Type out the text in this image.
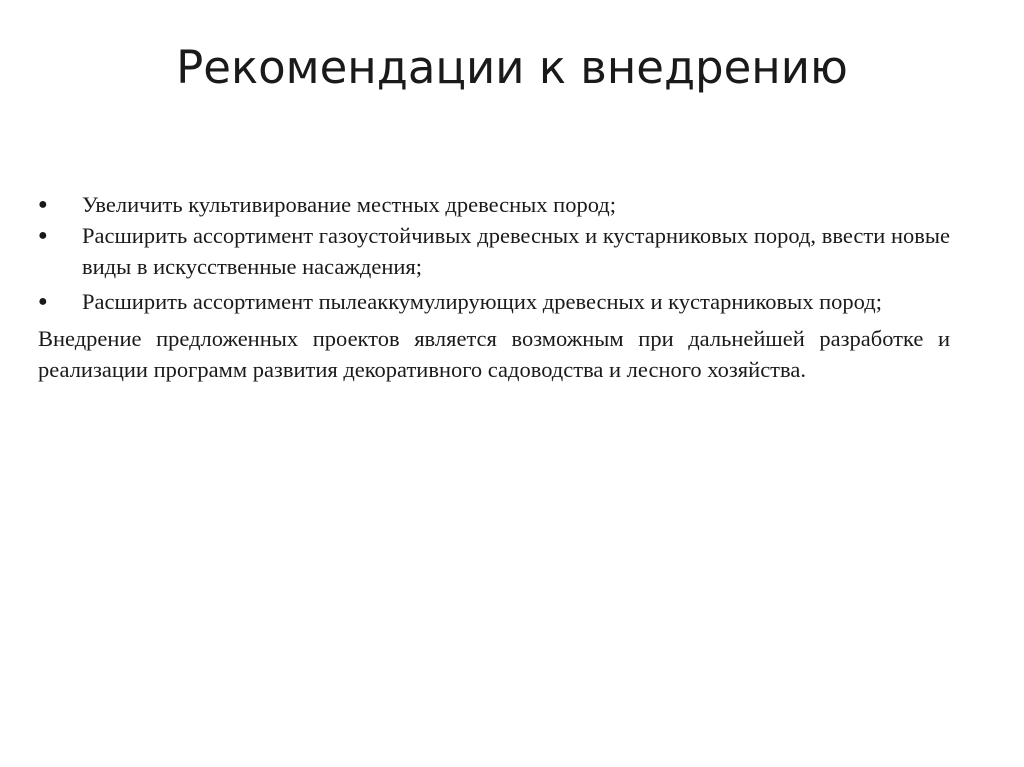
Рекомендации к внедрению
● Увеличить культивирование местных древесных пород;
● Расширить ассортимент газоустойчивых древесных и кустарниковых пород, ввести новые виды в искусственные насаждения;
● Расширить ассортимент пылеаккумулирующих древесных и кустарниковых пород;

Внедрение предложенных проектов является возможным при дальнейшей разработке и реализации программ развития декоративного садоводства и лесного хозяйства.
